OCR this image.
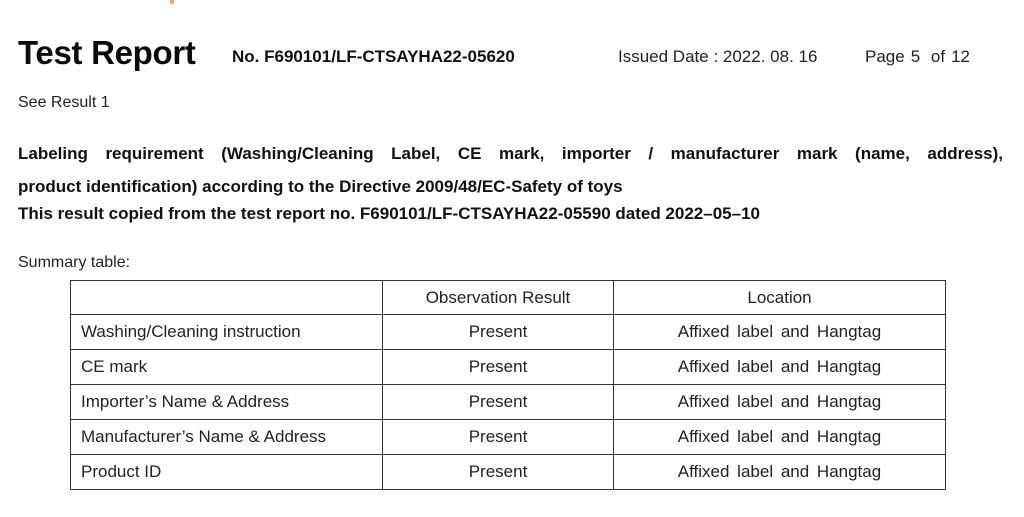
Test Report No. F690101/LF-CTSAYHA22-05620	Issued Date : 2022. 08. 16	Page 5 of 12
See Result 1
Labeling requirement (Washing/Cleaning Label, CE mark, importer / manufacturer mark (name, address),
product identification) according to the Directive 2009/48/EC-Safety of toys
This result copied from the test report no. F690101/LF-CTSAYHA22-05590 dated 2022–05–10
Summary table:
	Observation Result	Location
Washing/Cleaning instruction	Present	Affixed label and Hangtag
CE mark	Present	Affixed label and Hangtag
Importer’s Name & Address	Present	Affixed label and Hangtag
Manufacturer’s Name & Address	Present	Affixed label and Hangtag
Product ID	Present	Affixed label and Hangtag
